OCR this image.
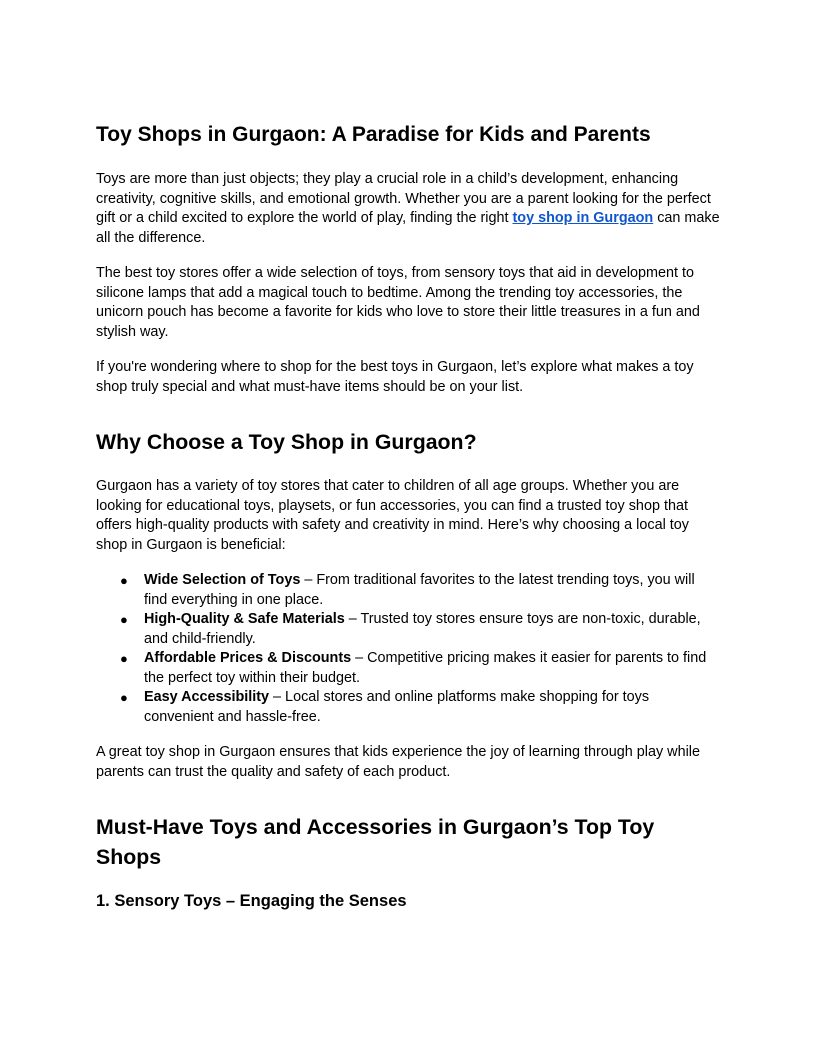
Toy Shops in Gurgaon: A Paradise for Kids and Parents

Toys are more than just objects; they play a crucial role in a child’s development, enhancing creativity, cognitive skills, and emotional growth. Whether you are a parent looking for the perfect gift or a child excited to explore the world of play, finding the right toy shop in Gurgaon can make all the difference.

The best toy stores offer a wide selection of toys, from sensory toys that aid in development to silicone lamps that add a magical touch to bedtime. Among the trending toy accessories, the unicorn pouch has become a favorite for kids who love to store their little treasures in a fun and stylish way.

If you're wondering where to shop for the best toys in Gurgaon, let’s explore what makes a toy shop truly special and what must-have items should be on your list.

Why Choose a Toy Shop in Gurgaon?

Gurgaon has a variety of toy stores that cater to children of all age groups. Whether you are looking for educational toys, playsets, or fun accessories, you can find a trusted toy shop that offers high-quality products with safety and creativity in mind. Here’s why choosing a local toy shop in Gurgaon is beneficial:

● Wide Selection of Toys – From traditional favorites to the latest trending toys, you will find everything in one place.
● High-Quality & Safe Materials – Trusted toy stores ensure toys are non-toxic, durable, and child-friendly.
● Affordable Prices & Discounts – Competitive pricing makes it easier for parents to find the perfect toy within their budget.
● Easy Accessibility – Local stores and online platforms make shopping for toys convenient and hassle-free.

A great toy shop in Gurgaon ensures that kids experience the joy of learning through play while parents can trust the quality and safety of each product.

Must-Have Toys and Accessories in Gurgaon’s Top Toy Shops
1. Sensory Toys – Engaging the Senses
